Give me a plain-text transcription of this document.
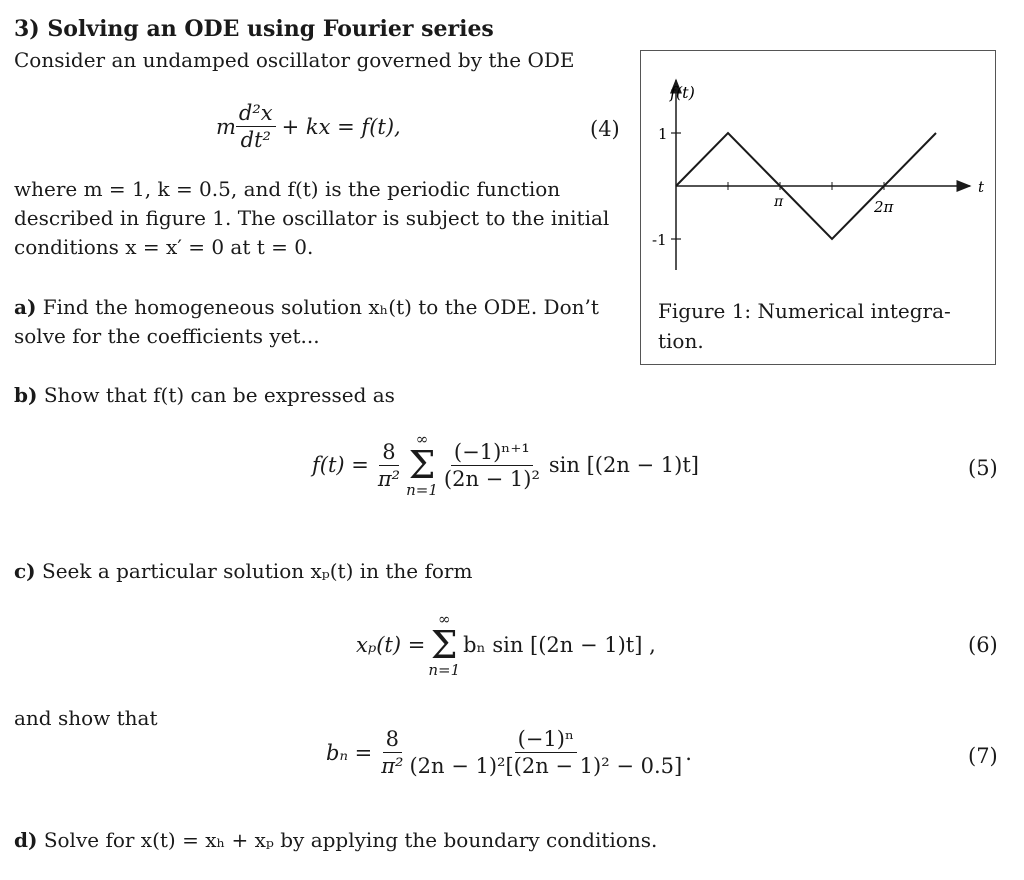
3) Solving an ODE using Fourier series
Consider an undamped oscillator governed by the ODE
m $\frac{\text{d²x}}{\text{dt²}}$ + kx = f(t),	(4)
where m = 1, k = 0.5, and f(t) is the periodic function
described in figure 1. The oscillator is subject to the initial
conditions x = x′ = 0 at t = 0.
a) Find the homogeneous solution xₕ(t) to the ODE. Don’t
solve for the coefficients yet...
f(t)
t
1
-1
π	2π
Figure 1: Numerical integra-
tion.
b) Show that f(t) can be expressed as
$f(t) = \frac{8}{\text{π²}}$ ∞
Σ
$n=1 \frac{\text{(−1)ⁿ⁺¹}}{\text{(2n − 1)²}}$ sin [(2n − 1)t]	(5)
c) Seek a particular solution xₚ(t) in the form
xₚ(t) =
∞
Σ
n=1
bₙ sin [(2n − 1)t] ,	(6)
and show that
$b_n = \frac{8}{\text{π²}} \frac{\text{(−1)ⁿ}}{\text{(2n − 1)²[(2n − 1)² − 0.5]}}$ .	(7)
d) Solve for x(t) = xₕ + xₚ by applying the boundary conditions.
